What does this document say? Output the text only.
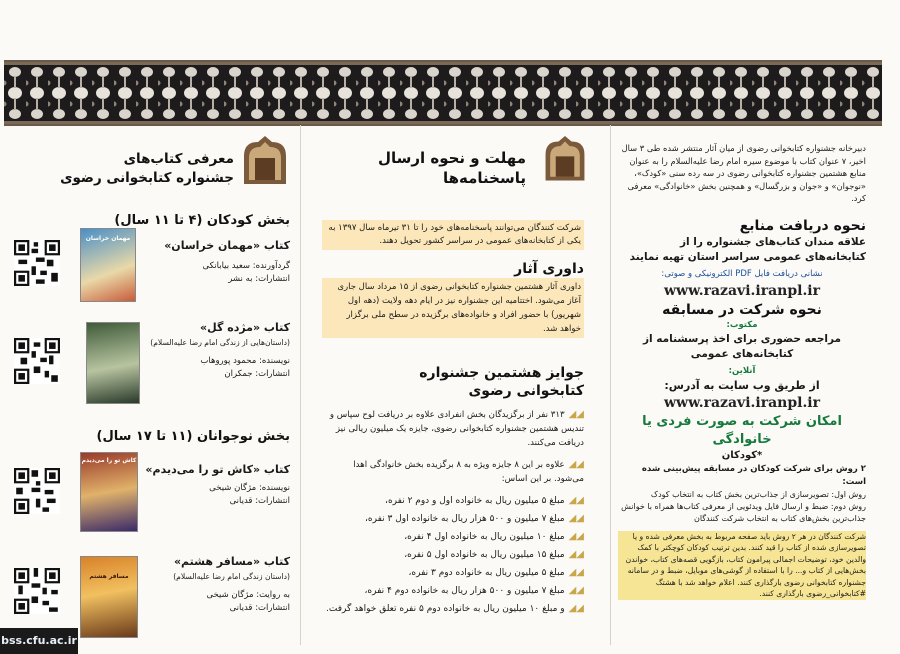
دبیرخانه جشنواره کتابخوانی رضوی از میان آثار منتشر شده طی ۳ سال اخیر، ۷ عنوان کتاب با موضوع سیره امام رضا علیه‌السلام را به عنوان منابع هشتمین جشنواره کتابخوانی رضوی در سه رده سنی «کودک»، «نوجوان» و «جوان و بزرگسال» و همچنین بخش «خانوادگی» معرفی کرد.
نحوه دریافت منابع
علاقه مندان کتاب‌های جشنواره را از کتابخانه‌های عمومی سراسر استان تهیه نمایند
نشانی دریافت فایل PDF الکترونیکی و صوتی:
www.razavi.iranpl.ir
نحوه شرکت در مسابقه
مکتوب:
مراجعه حضوری برای اخذ پرسشنامه از کتابخانه‌های عمومی
آنلاین:
از طریق وب سایت به آدرس:
www.razavi.iranpl.ir
امکان شرکت به صورت فردی یا خانوادگی
*کودکان
۲ روش برای شرکت کودکان در مسابقه پیش‌بینی شده است:
روش اول: تصویرسازی از جذاب‌ترین بخش کتاب به انتخاب کودک
روش دوم: ضبط و ارسال فایل ویدئویی از معرفی کتاب‌ها همراه با خوانش جذاب‌ترین بخش‌های کتاب به انتخاب شرکت کنندگان
شرکت کنندگان در هر ۲ روش باید صفحه مربوط به بخش معرفی شده و یا تصویرسازی شده از کتاب را قید کنند. بدین ترتیب کودکان کوچکتر با کمک والدین خود، توضیحات اجمالی پیرامون کتاب، بازگویی قصه‌های کتاب، خواندن بخش‌هایی از کتاب و... را با استفاده از گوشی‌های موبایل، ضبط و در سامانه جشنواره کتابخوانی رضوی بارگذاری کنند. اعلام خواهد شد با هشتگ #کتابخوانی_رضوی بارگذاری کنند.
مهلت و نحوه ارسال
پاسخنامه‌ها
شرکت کنندگان می‌توانند پاسخنامه‌های خود را تا ۳۱ تیرماه سال ۱۳۹۷ به یکی از کتابخانه‌های عمومی در سراسر کشور تحویل دهند.
داوری آثار
داوری آثار هشتمین جشنواره کتابخوانی رضوی از ۱۵ مرداد سال جاری آغاز می‌شود. اختتامیه این جشنواره نیز در ایام دهه ولایت (دهه اول شهریور) با حضور افراد و خانواده‌های برگزیده در سطح ملی برگزار خواهد شد.
جوایز هشتمین جشنواره
کتابخوانی رضوی
◢◢۳۱۳ نفر از برگزیدگان بخش انفرادی علاوه بر دریافت لوح سپاس و تندیس هشتمین جشنواره کتابخوانی رضوی، جایزه یک میلیون ریالی نیز دریافت می‌کنند.
◢◢علاوه بر این ۸ جایزه ویژه به ۸ برگزیده بخش خانوادگی اهدا می‌شود. بر این اساس:
◢◢مبلغ ۵ میلیون ریال به خانواده اول و دوم ۲ نفره،
◢◢مبلغ ۷ میلیون و ۵۰۰ هزار ریال به خانواده اول ۳ نفره،
◢◢مبلغ ۱۰ میلیون ریال به خانواده اول ۴ نفره،
◢◢مبلغ ۱۵ میلیون ریال به خانواده اول ۵ نفره،
◢◢مبلغ ۵ میلیون ریال به خانواده دوم ۳ نفره،
◢◢مبلغ ۷ میلیون و ۵۰۰ هزار ریال به خانواده دوم ۴ نفره،
◢◢و مبلغ ۱۰ میلیون ریال به خانواده دوم ۵ نفره تعلق خواهد گرفت.
معرفی کتاب‌های
جشنواره کتابخوانی رضوی
بخش کودکان (۴ تا ۱۱ سال)
کتاب «مهمان خراسان»
گردآورنده: سعید بیابانکی
انتشارات: به نشر
کتاب «مژده گل»
(داستان‌هایی از زندگی امام رضا علیه‌السلام)
نویسنده: محمود پوروهاب
انتشارات: جمکران
بخش نوجوانان (۱۱ تا ۱۷ سال)
کتاب «کاش تو را می‌دیدم»
نویسنده: مژگان شیخی
انتشارات: قدیانی
کتاب «مسافر هشتم»
(داستان زندگی امام رضا علیه‌السلام)
به روایت: مژگان شیخی
انتشارات: قدیانی
مهمان خراسان
کاش تو را می‌دیدم
مسافر هشتم
bss.cfu.ac.ir
